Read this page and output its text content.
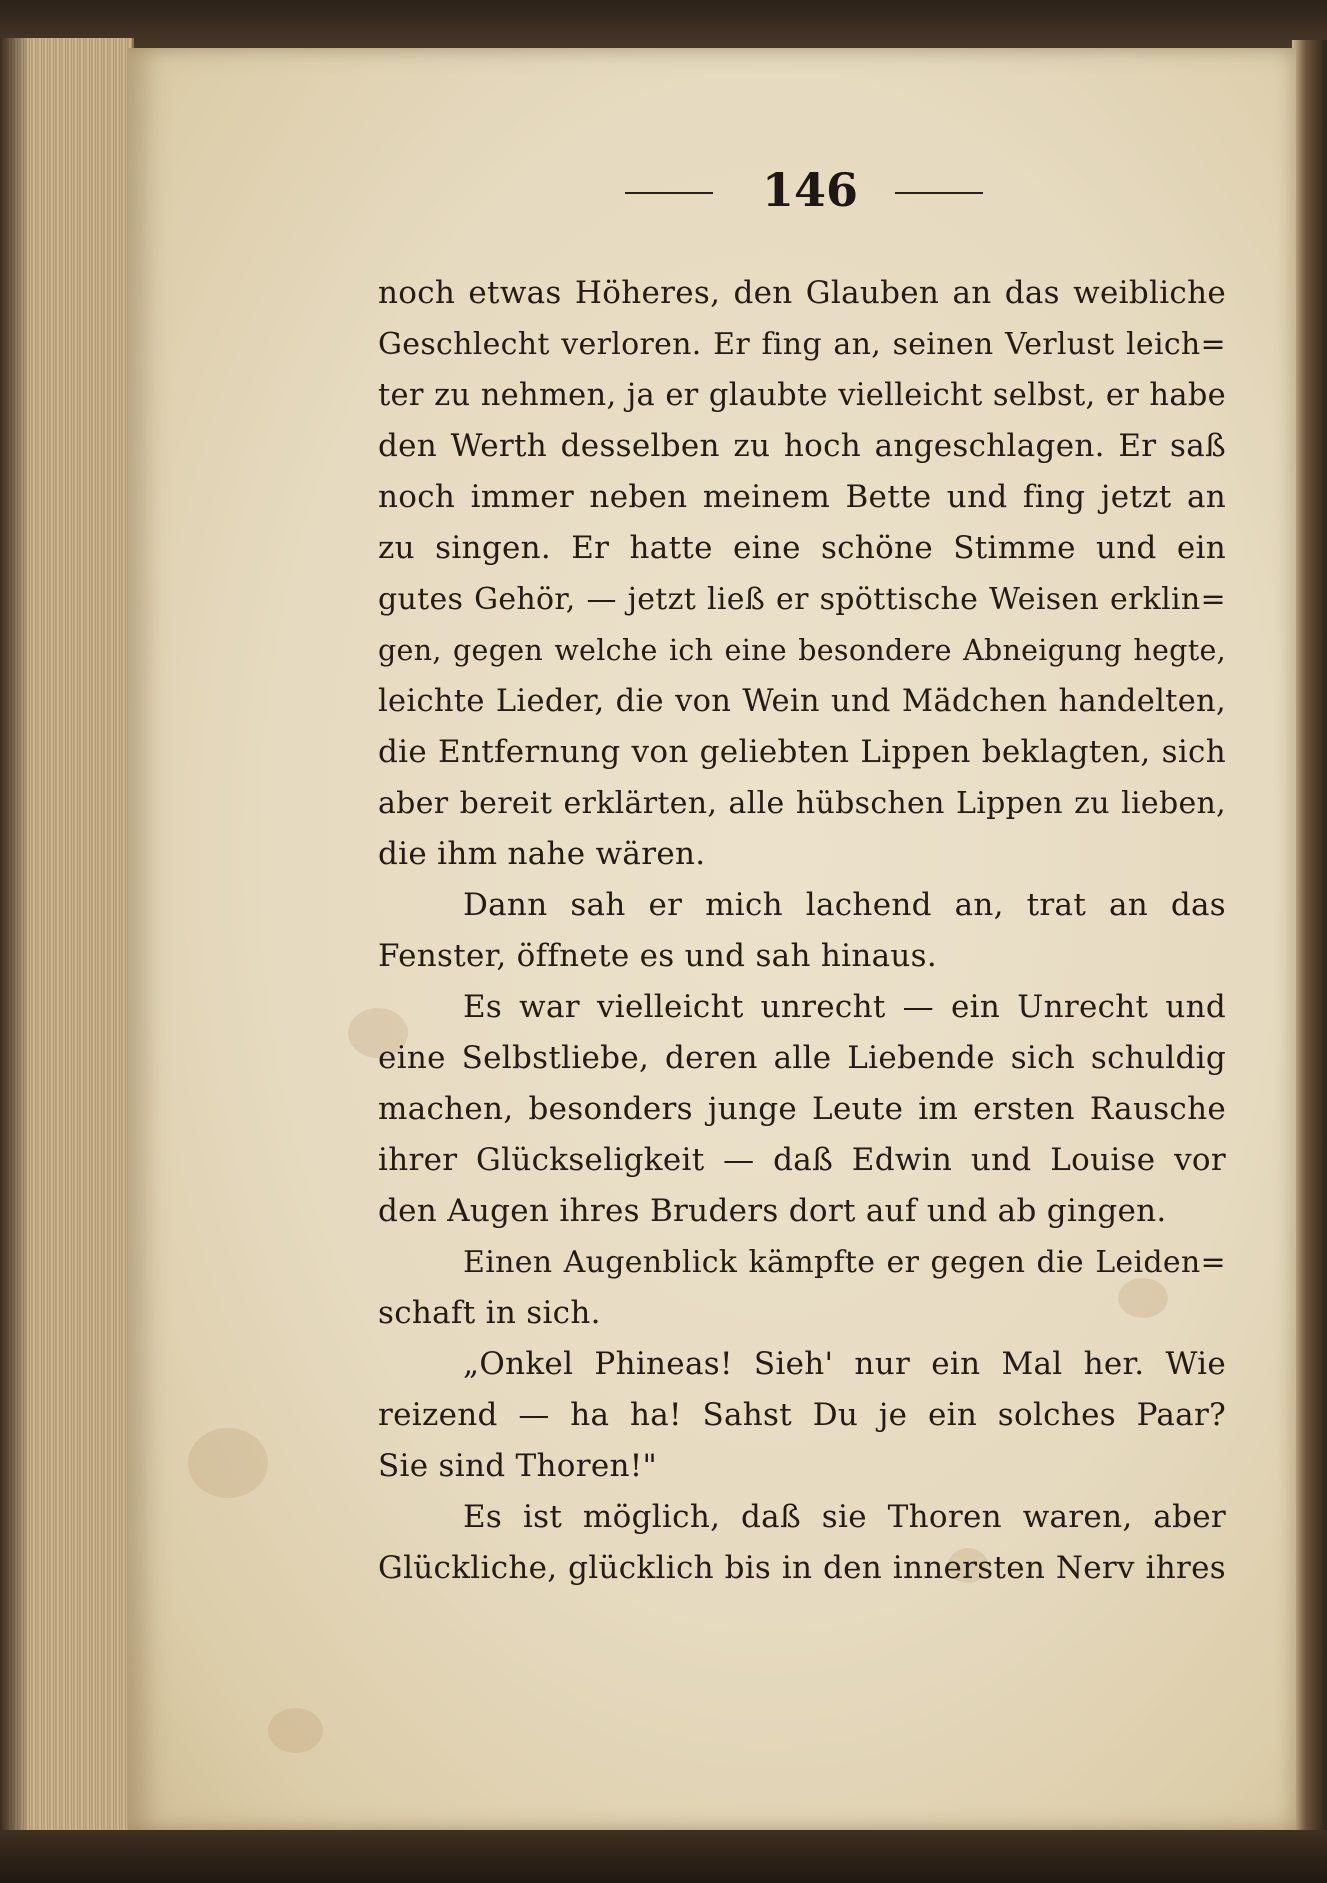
146
noch etwas Höheres, den Glauben an das weibliche
Geschlecht verloren. Er fing an, seinen Verlust leich=
ter zu nehmen, ja er glaubte vielleicht selbst, er habe
den Werth desselben zu hoch angeschlagen. Er saß
noch immer neben meinem Bette und fing jetzt an
zu singen. Er hatte eine schöne Stimme und ein
gutes Gehör, — jetzt ließ er spöttische Weisen erklin=
gen, gegen welche ich eine besondere Abneigung hegte,
leichte Lieder, die von Wein und Mädchen handelten,
die Entfernung von geliebten Lippen beklagten, sich
aber bereit erklärten, alle hübschen Lippen zu lieben,
die ihm nahe wären.
Dann sah er mich lachend an, trat an das
Fenster, öffnete es und sah hinaus.
Es war vielleicht unrecht — ein Unrecht und
eine Selbstliebe, deren alle Liebende sich schuldig
machen, besonders junge Leute im ersten Rausche
ihrer Glückseligkeit — daß Edwin und Louise vor
den Augen ihres Bruders dort auf und ab gingen.
Einen Augenblick kämpfte er gegen die Leiden=
schaft in sich.
„Onkel Phineas! Sieh' nur ein Mal her. Wie
reizend — ha ha! Sahst Du je ein solches Paar?
Sie sind Thoren!"
Es ist möglich, daß sie Thoren waren, aber
Glückliche, glücklich bis in den innersten Nerv ihres
